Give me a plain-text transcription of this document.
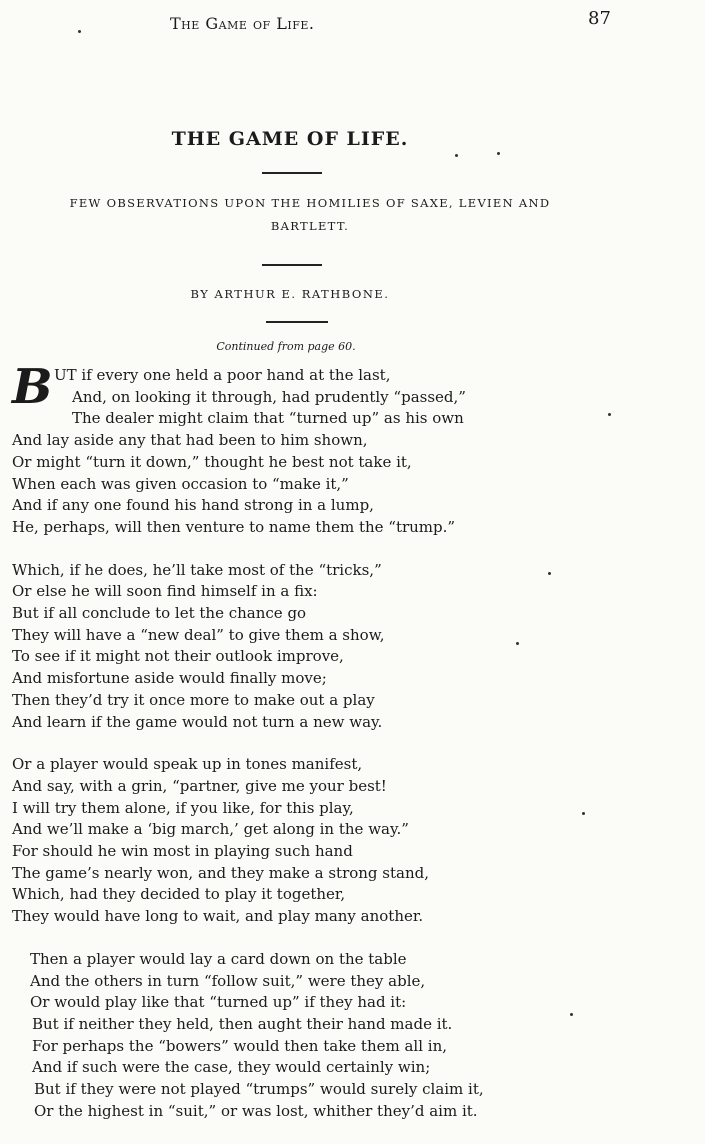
The Game of Life.	87
THE GAME OF LIFE.
FEW OBSERVATIONS UPON THE HOMILIES OF SAXE, LEVIEN AND
BARTLETT.
BY ARTHUR E. RATHBONE.
Continued from page 60.
B UT if every one held a poor hand at the last,
And, on looking it through, had prudently “passed,”
The dealer might claim that “turned up” as his own
And lay aside any that had been to him shown,
Or might “turn it down,” thought he best not take it,
When each was given occasion to “make it,”
And if any one found his hand strong in a lump,
He, perhaps, will then venture to name them the “trump.”
Which, if he does, he’ll take most of the “tricks,”
Or else he will soon find himself in a fix:
But if all conclude to let the chance go
They will have a “new deal” to give them a show,
To see if it might not their outlook improve,
And misfortune aside would finally move;
Then they’d try it once more to make out a play
And learn if the game would not turn a new way.
Or a player would speak up in tones manifest,
And say, with a grin, “partner, give me your best!
I will try them alone, if you like, for this play,
And we’ll make a ‘big march,’ get along in the way.”
For should he win most in playing such hand
The game’s nearly won, and they make a strong stand,
Which, had they decided to play it together,
They would have long to wait, and play many another.
Then a player would lay a card down on the table
And the others in turn “follow suit,” were they able,
Or would play like that “turned up” if they had it:
But if neither they held, then aught their hand made it.
For perhaps the “bowers” would then take them all in,
And if such were the case, they would certainly win;
But if they were not played “trumps” would surely claim it,
Or the highest in “suit,” or was lost, whither they’d aim it.
